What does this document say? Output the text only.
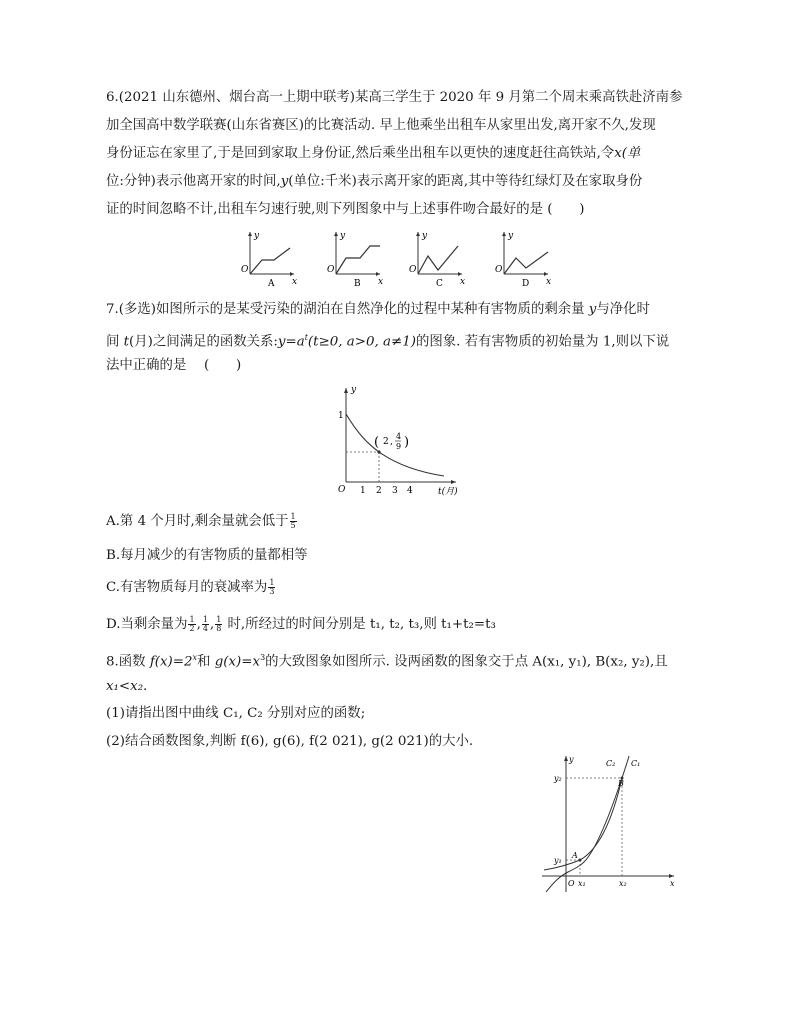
6.(2021 山东德州、烟台高一上期中联考)某高三学生于 2020 年 9 月第二个周末乘高铁赴济南参
加全国高中数学联赛(山东省赛区)的比赛活动. 早上他乘坐出租车从家里出发,离开家不久,发现
身份证忘在家里了,于是回到家取上身份证,然后乘坐出租车以更快的速度赶往高铁站,令x(单
位:分钟)表示他离开家的时间,y(单位:千米)表示离开家的距离,其中等待红绿灯及在家取身份
证的时间忽略不计,出租车匀速行驶,则下列图象中与上述事件吻合最好的是 (　　)
y
O
x
A
y
O
x
B
y
O
x
C
y
O
x
D
7.(多选)如图所示的是某受污染的湖泊在自然净化的过程中某种有害物质的剩余量 y与净化时
间 t(月)之间满足的函数关系$:y=a^t(t\ge 0$, a>0, a≠1)的图象. 若有害物质的初始量为 1,则以下说
法中正确的是 　(　　)
y
1
O 1 2 3 4	t(月)
( 2 ,
4
9 )
A.第 4 个月时,剩余量就会低于 $\frac{1}{5}$
B.每月减少的有害物质的量都相等
C.有害物质每月的衰减率为 $\frac{1}{3}$
D.当剩余量为 $\frac{1}{2}$ , $\frac{1}{4}$ , $\frac{1}{8}$ 时,所经过的时间分别是 t₁, t₂, t₃,则 t₁+t₂=t₃
8.函数 $f(x)=2^x$和 $g(x)=x^3$的大致图象如图所示. 设两函数的图象交于点 A(x₁, y₁), B(x₂, y₂),且
x₁<x₂.
(1)请指出图中曲线 C₁, C₂ 分别对应的函数;
(2)结合函数图象,判断 f(6), g(6), f(2 021), g(2 021)的大小.
y
x
O
C₂ C₁
B
A
y₂
y₁
x₁	x₂
